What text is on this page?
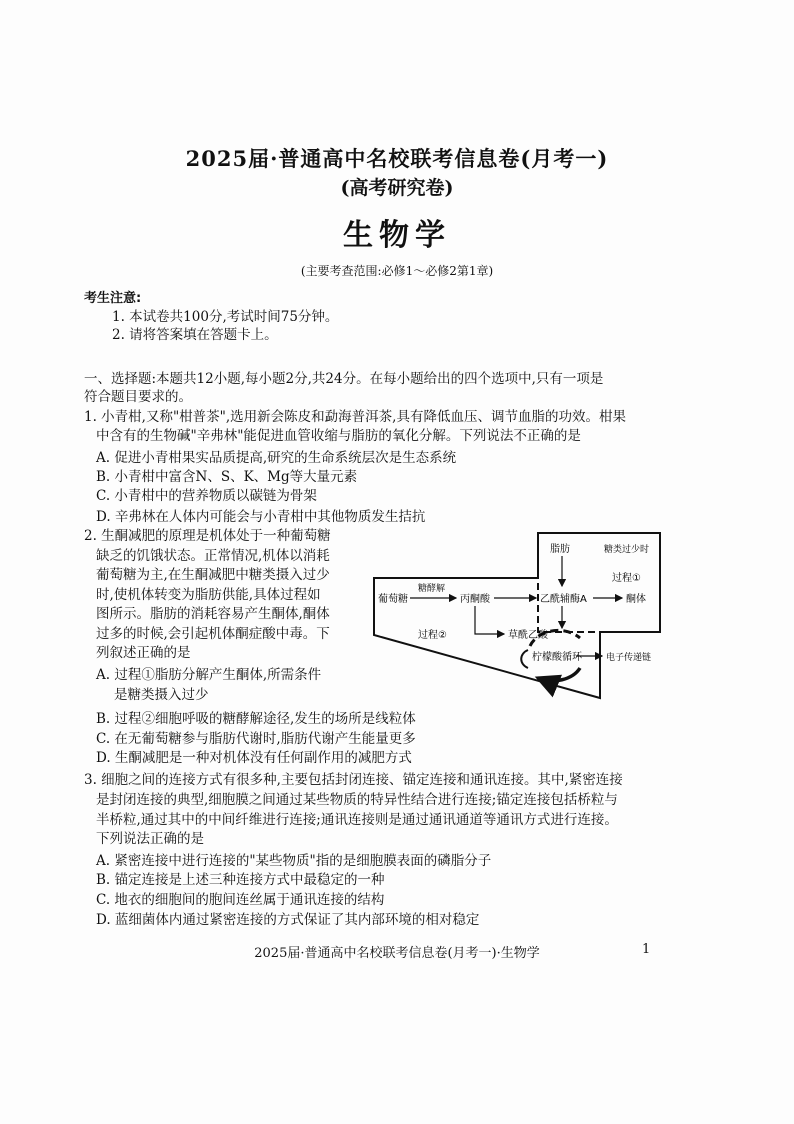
2025届·普通高中名校联考信息卷(月考一)
(高考研究卷)
生物学
(主要考查范围:必修1～必修2第1章)
考生注意:
1. 本试卷共100分,考试时间75分钟。
2. 请将答案填在答题卡上。
一、选择题:本题共12小题,每小题2分,共24分。在每小题给出的四个选项中,只有一项是
符合题目要求的。
1. 小青柑,又称"柑普茶",选用新会陈皮和勐海普洱茶,具有降低血压、调节血脂的功效。柑果
中含有的生物碱"辛弗林"能促进血管收缩与脂肪的氧化分解。下列说法不正确的是
A. 促进小青柑果实品质提高,研究的生命系统层次是生态系统
B. 小青柑中富含N、S、K、Mg等大量元素
C. 小青柑中的营养物质以碳链为骨架
D. 辛弗林在人体内可能会与小青柑中其他物质发生拮抗
2. 生酮减肥的原理是机体处于一种葡萄糖
缺乏的饥饿状态。正常情况,机体以消耗
葡萄糖为主,在生酮减肥中糖类摄入过少
时,使机体转变为脂肪供能,具体过程如
图所示。脂肪的消耗容易产生酮体,酮体
过多的时候,会引起机体酮症酸中毒。下
列叙述正确的是
A. 过程①脂肪分解产生酮体,所需条件
是糖类摄入过少
B. 过程②细胞呼吸的糖酵解途径,发生的场所是线粒体
C. 在无葡萄糖参与脂肪代谢时,脂肪代谢产生能量更多
D. 生酮减肥是一种对机体没有任何副作用的减肥方式
葡萄糖
糖酵解
丙酮酸
脂肪	糖类过少时
乙酰辅酶A
过程①
酮体
过程②	草酰乙酸
柠檬酸循环	电子传递链
3. 细胞之间的连接方式有很多种,主要包括封闭连接、锚定连接和通讯连接。其中,紧密连接
是封闭连接的典型,细胞膜之间通过某些物质的特异性结合进行连接;锚定连接包括桥粒与
半桥粒,通过其中的中间纤维进行连接;通讯连接则是通过通讯通道等通讯方式进行连接。
下列说法正确的是
A. 紧密连接中进行连接的"某些物质"指的是细胞膜表面的磷脂分子
B. 锚定连接是上述三种连接方式中最稳定的一种
C. 地衣的细胞间的胞间连丝属于通讯连接的结构
D. 蓝细菌体内通过紧密连接的方式保证了其内部环境的相对稳定
2025届·普通高中名校联考信息卷(月考一)·生物学	1
